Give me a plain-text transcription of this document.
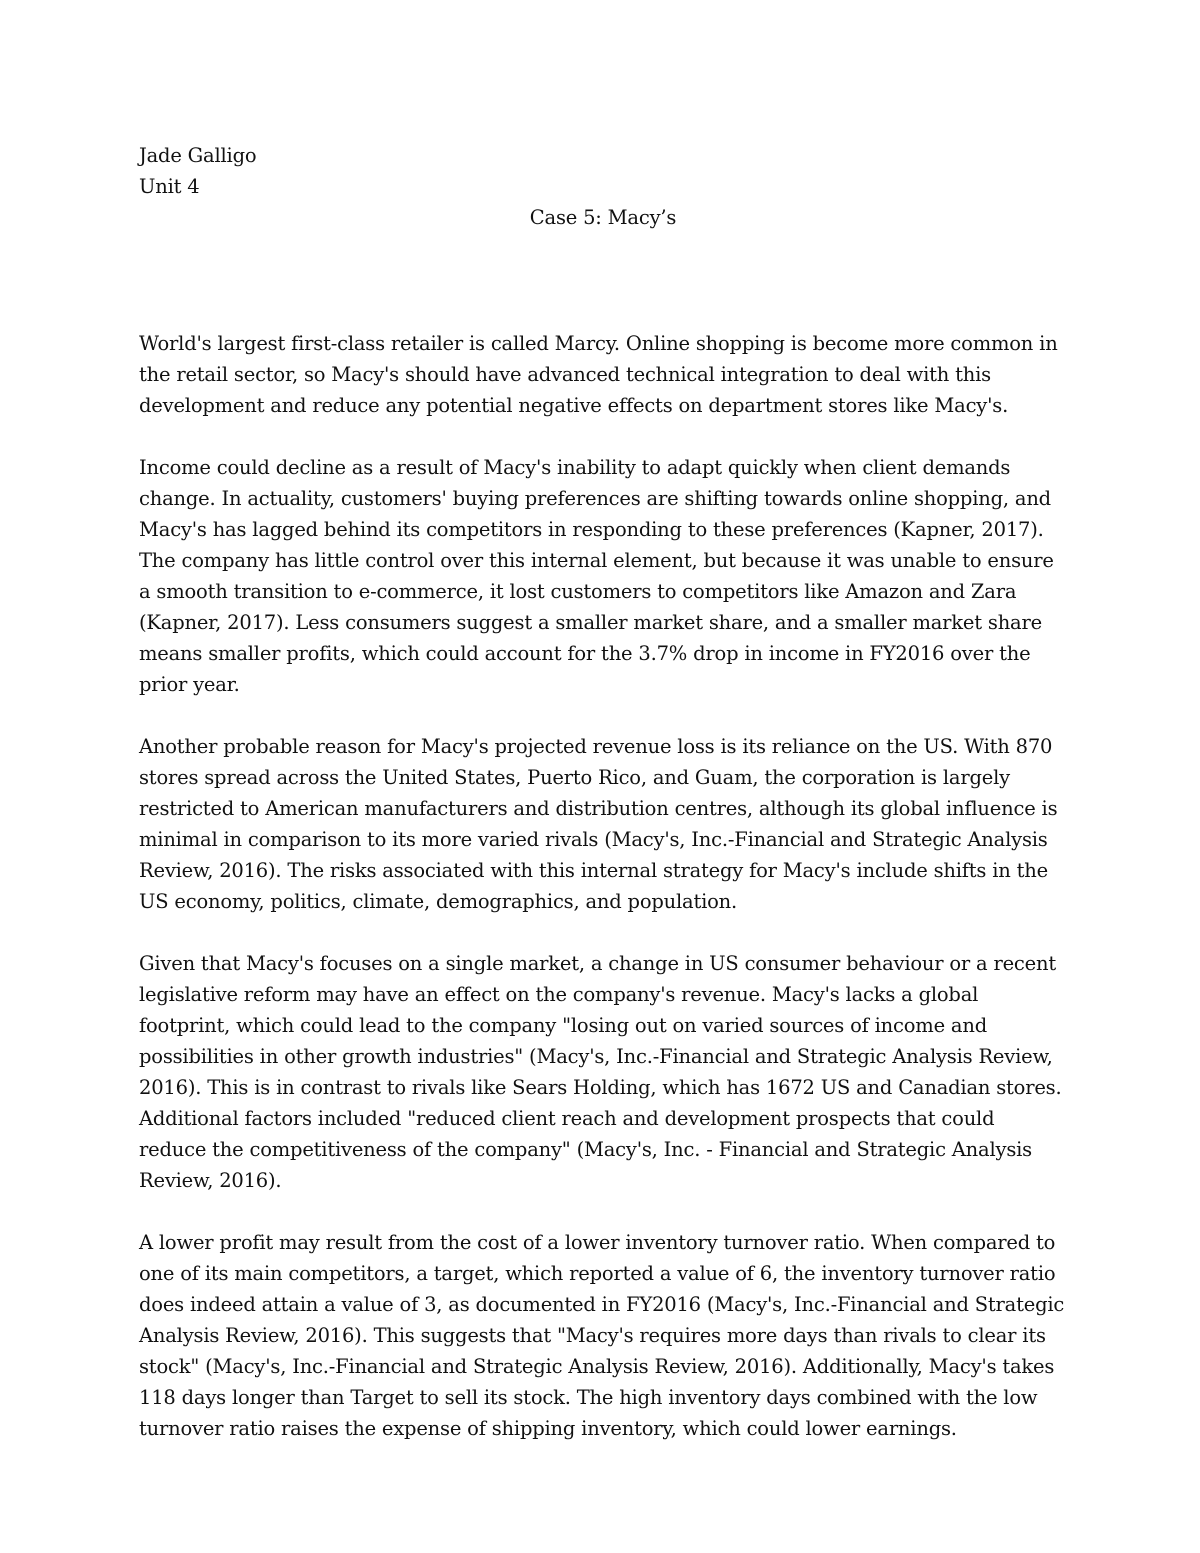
Jade Galligo

Unit 4

Case 5: Macy’s

World's largest first-class retailer is called Marcy. Online shopping is become more common in the retail sector, so Macy's should have advanced technical integration to deal with this development and reduce any potential negative effects on department stores like Macy's.

Income could decline as a result of Macy's inability to adapt quickly when client demands change. In actuality, customers' buying preferences are shifting towards online shopping, and Macy's has lagged behind its competitors in responding to these preferences (Kapner, 2017). The company has little control over this internal element, but because it was unable to ensure a smooth transition to e-commerce, it lost customers to competitors like Amazon and Zara (Kapner, 2017). Less consumers suggest a smaller market share, and a smaller market share means smaller profits, which could account for the 3.7% drop in income in FY2016 over the prior year.

Another probable reason for Macy's projected revenue loss is its reliance on the US. With 870 stores spread across the United States, Puerto Rico, and Guam, the corporation is largely restricted to American manufacturers and distribution centres, although its global influence is minimal in comparison to its more varied rivals (Macy's, Inc.-Financial and Strategic Analysis Review, 2016). The risks associated with this internal strategy for Macy's include shifts in the US economy, politics, climate, demographics, and population.

Given that Macy's focuses on a single market, a change in US consumer behaviour or a recent legislative reform may have an effect on the company's revenue. Macy's lacks a global footprint, which could lead to the company "losing out on varied sources of income and possibilities in other growth industries" (Macy's, Inc.-Financial and Strategic Analysis Review, 2016). This is in contrast to rivals like Sears Holding, which has 1672 US and Canadian stores. Additional factors included "reduced client reach and development prospects that could reduce the competitiveness of the company" (Macy's, Inc. - Financial and Strategic Analysis Review, 2016).

A lower profit may result from the cost of a lower inventory turnover ratio. When compared to one of its main competitors, a target, which reported a value of 6, the inventory turnover ratio does indeed attain a value of 3, as documented in FY2016 (Macy's, Inc.-Financial and Strategic Analysis Review, 2016). This suggests that "Macy's requires more days than rivals to clear its stock" (Macy's, Inc.-Financial and Strategic Analysis Review, 2016). Additionally, Macy's takes 118 days longer than Target to sell its stock. The high inventory days combined with the low turnover ratio raises the expense of shipping inventory, which could lower earnings.
